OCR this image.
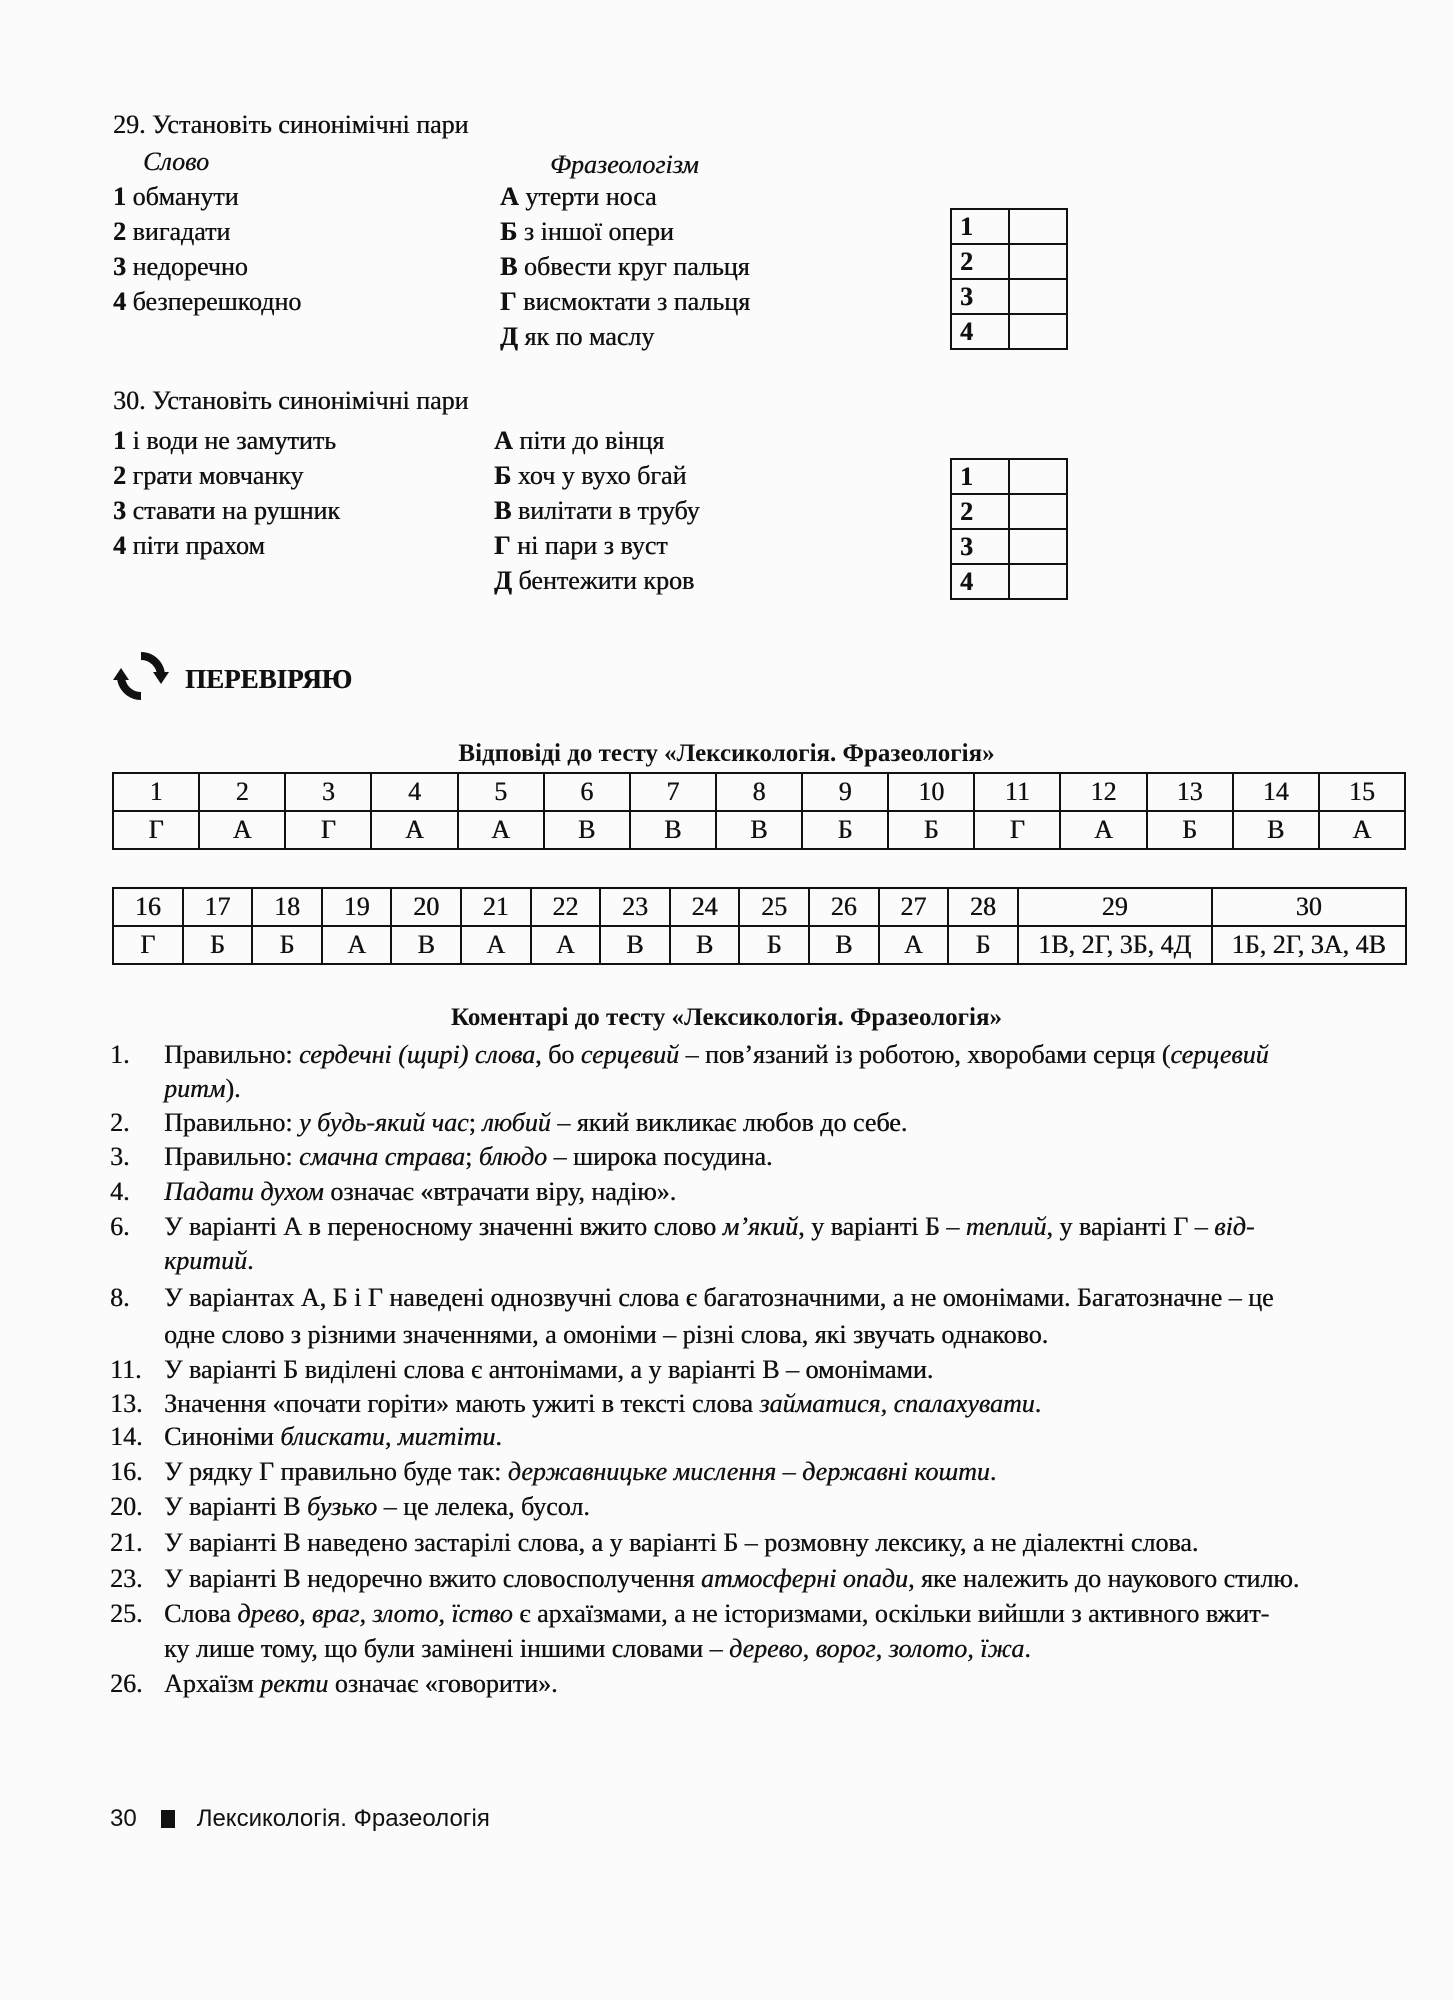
29. Установіть синонімічні пари
Слово	Фразеологізм
1 обманути
2 вигадати
3 недоречно
4 безперешкодно
А утерти носа
Б з іншої опери
В обвести круг пальця
Г висмоктати з пальця
Д як по маслу
1	
2	
3	
4	
30. Установіть синонімічні пари
1 і води не замутить
2 грати мовчанку
3 ставати на рушник
4 піти прахом
А піти до вінця
Б хоч у вухо бгай
В вилітати в трубу
Г ні пари з вуст
Д бентежити кров
1	
2	
3	
4	
ПЕРЕВІРЯЮ
Відповіді до тесту «Лексикологія. Фразеологія»
1	2	3	4	5	6	7	8	9	10	11	12	13	14	15
Г	А	Г	А	А	В	В	В	Б	Б	Г	А	Б	В	А
16	17	18	19	20	21	22	23	24	25	26	27	28	29	30
Г	Б	Б	А	В	А	А	В	В	Б	В	А	Б	1В, 2Г, 3Б, 4Д	1Б, 2Г, 3А, 4В
Коментарі до тесту «Лексикологія. Фразеологія»
1. Правильно: сердечні (щирі) слова, бо серцевий – пов’язаний із роботою, хворобами серця (серцевий
ритм).
2. Правильно: у будь-який час; любий – який викликає любов до себе.
3. Правильно: смачна страва; блюдо – широка посудина.
4. Падати духом означає «втрачати віру, надію».
6. У варіанті А в переносному значенні вжито слово м’який, у варіанті Б – теплий, у варіанті Г – від-
критий.
8. У варіантах А, Б і Г наведені однозвучні слова є багатозначними, а не омонімами. Багатозначне – це
одне слово з різними значеннями, а омоніми – різні слова, які звучать однаково.
11. У варіанті Б виділені слова є антонімами, а у варіанті В – омонімами.
13. Значення «почати горіти» мають ужиті в тексті слова займатися, спалахувати.
14. Синоніми блискати, мигтіти.
16. У рядку Г правильно буде так: державницьке мислення – державні кошти.
20. У варіанті В бузько – це лелека, бусол.
21. У варіанті В наведено застарілі слова, а у варіанті Б – розмовну лексику, а не діалектні слова.
23. У варіанті В недоречно вжито словосполучення атмосферні опади, яке належить до наукового стилю.
25. Слова древо, враг, злото, їство є архаїзмами, а не історизмами, оскільки вийшли з активного вжит-
ку лише тому, що були замінені іншими словами – дерево, ворог, золото, їжа.
26. Архаїзм ректи означає «говорити».
30	Лексикологія. Фразеологія
